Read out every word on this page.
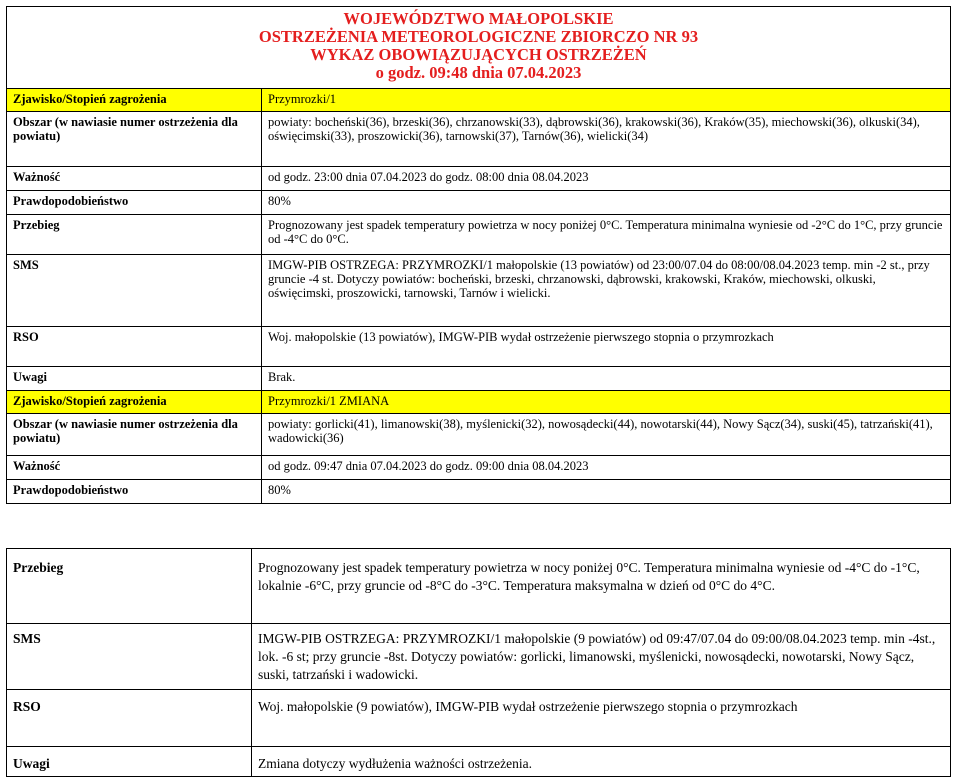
WOJEWÓDZTWO MAŁOPOLSKIE
OSTRZEŻENIA METEOROLOGICZNE ZBIORCZO NR 93
WYKAZ OBOWIĄZUJĄCYCH OSTRZEŻEŃ
o godz. 09:48 dnia 07.04.2023	

Zjawisko/Stopień zagrożenia	Przymrozki/1
Obszar (w nawiasie numer ostrzeżenia dla powiatu)	powiaty: bocheński(36), brzeski(36), chrzanowski(33), dąbrowski(36), krakowski(36), Kraków(35), miechowski(36), olkuski(34), oświęcimski(33), proszowicki(36), tarnowski(37), Tarnów(36), wielicki(34)
Ważność	od godz. 23:00 dnia 07.04.2023 do godz. 08:00 dnia 08.04.2023
Prawdopodobieństwo	80%
Przebieg	Prognozowany jest spadek temperatury powietrza w nocy poniżej 0°C. Temperatura minimalna wyniesie od -2°C do 1°C, przy gruncie od -4°C do 0°C.
SMS	IMGW-PIB OSTRZEGA: PRZYMROZKI/1 małopolskie (13 powiatów) od 23:00/07.04 do 08:00/08.04.2023 temp. min -2 st., przy gruncie -4 st. Dotyczy powiatów: bocheński, brzeski, chrzanowski, dąbrowski, krakowski, Kraków, miechowski, olkuski, oświęcimski, proszowicki, tarnowski, Tarnów i wielicki.
RSO	Woj. małopolskie (13 powiatów), IMGW-PIB wydał ostrzeżenie pierwszego stopnia o przymrozkach
Uwagi	Brak.
Zjawisko/Stopień zagrożenia	Przymrozki/1 ZMIANA
Obszar (w nawiasie numer ostrzeżenia dla powiatu)	powiaty: gorlicki(41), limanowski(38), myślenicki(32), nowosądecki(44), nowotarski(44), Nowy Sącz(34), suski(45), tatrzański(41), wadowicki(36)
Ważność	od godz. 09:47 dnia 07.04.2023 do godz. 09:00 dnia 08.04.2023
Prawdopodobieństwo	80%
Przebieg	Prognozowany jest spadek temperatury powietrza w nocy poniżej 0°C. Temperatura minimalna wyniesie od -4°C do -1°C, lokalnie -6°C, przy gruncie od -8°C do -3°C. Temperatura maksymalna w dzień od 0°C do 4°C.
SMS	IMGW-PIB OSTRZEGA: PRZYMROZKI/1 małopolskie (9 powiatów) od 09:47/07.04 do 09:00/08.04.2023 temp. min -4st., lok. -6 st; przy gruncie -8st. Dotyczy powiatów: gorlicki, limanowski, myślenicki, nowosądecki, nowotarski, Nowy Sącz, suski, tatrzański i wadowicki.
RSO	Woj. małopolskie (9 powiatów), IMGW-PIB wydał ostrzeżenie pierwszego stopnia o przymrozkach
Uwagi	Zmiana dotyczy wydłużenia ważności ostrzeżenia.
